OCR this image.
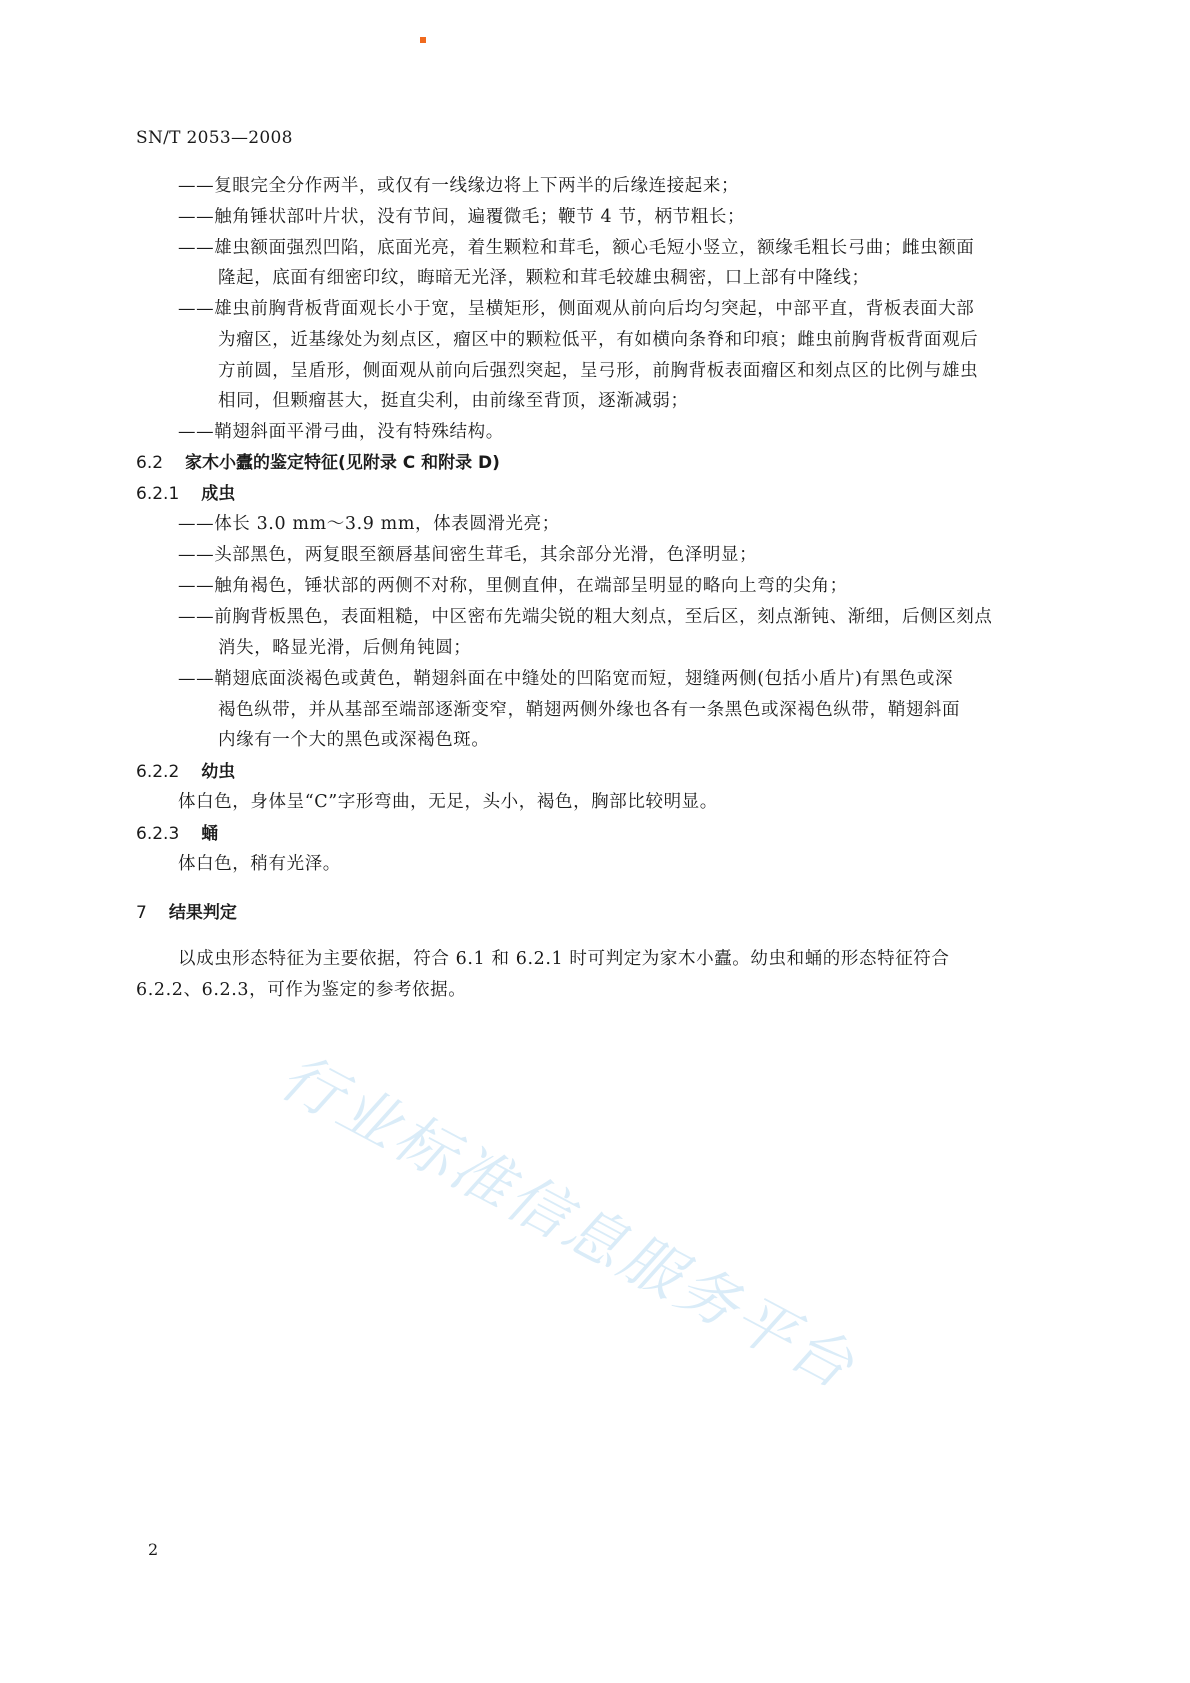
SN/T 2053—2008
——复眼完全分作两半，或仅有一线缘边将上下两半的后缘连接起来；
——触角锤状部叶片状，没有节间，遍覆微毛；鞭节 4 节，柄节粗长；
——雄虫额面强烈凹陷，底面光亮，着生颗粒和茸毛，额心毛短小竖立，额缘毛粗长弓曲；雌虫额面
隆起，底面有细密印纹，晦暗无光泽，颗粒和茸毛较雄虫稠密，口上部有中隆线；
——雄虫前胸背板背面观长小于宽，呈横矩形，侧面观从前向后均匀突起，中部平直，背板表面大部
为瘤区，近基缘处为刻点区，瘤区中的颗粒低平，有如横向条脊和印痕；雌虫前胸背板背面观后
方前圆，呈盾形，侧面观从前向后强烈突起，呈弓形，前胸背板表面瘤区和刻点区的比例与雄虫
相同，但颗瘤甚大，挺直尖利，由前缘至背顶，逐渐减弱；
——鞘翅斜面平滑弓曲，没有特殊结构。
6.2 家木小蠹的鉴定特征(见附录 C 和附录 D)
6.2.1 成虫
——体长 3.0 mm～3.9 mm，体表圆滑光亮；
——头部黑色，两复眼至额唇基间密生茸毛，其余部分光滑，色泽明显；
——触角褐色，锤状部的两侧不对称，里侧直伸，在端部呈明显的略向上弯的尖角；
——前胸背板黑色，表面粗糙，中区密布先端尖锐的粗大刻点，至后区，刻点渐钝、渐细，后侧区刻点
消失，略显光滑，后侧角钝圆；
——鞘翅底面淡褐色或黄色，鞘翅斜面在中缝处的凹陷宽而短，翅缝两侧(包括小盾片)有黑色或深
褐色纵带，并从基部至端部逐渐变窄，鞘翅两侧外缘也各有一条黑色或深褐色纵带，鞘翅斜面
内缘有一个大的黑色或深褐色斑。
6.2.2 幼虫
体白色，身体呈“C”字形弯曲，无足，头小，褐色，胸部比较明显。
6.2.3 蛹
体白色，稍有光泽。
7 结果判定
以成虫形态特征为主要依据，符合 6.1 和 6.2.1 时可判定为家木小蠹。幼虫和蛹的形态特征符合
6.2.2、6.2.3，可作为鉴定的参考依据。
行业标准信息服务平台
2
